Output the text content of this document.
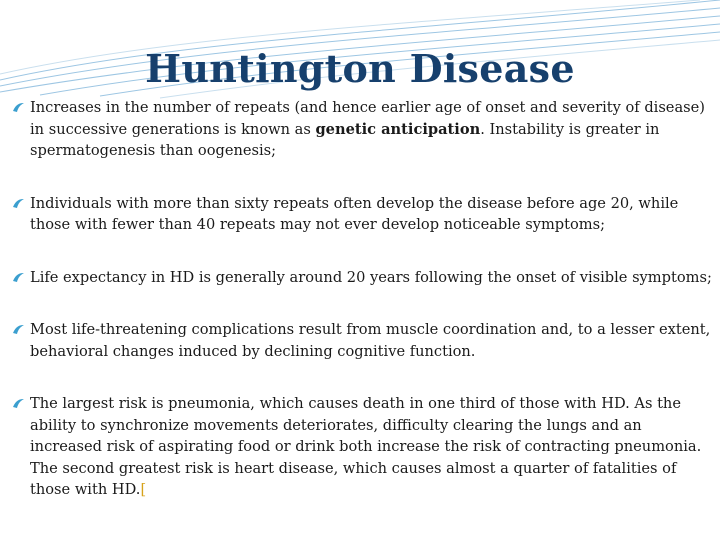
Huntington Disease
Increases in the number of repeats (and hence earlier age of onset and severity of disease) in successive generations is known as genetic anticipation. Instability is greater in spermatogenesis than oogenesis;
Individuals with more than sixty repeats often develop the disease before age 20, while those with fewer than 40 repeats may not ever develop noticeable symptoms;
Life expectancy in HD is generally around 20 years following the onset of visible symptoms;
Most life-threatening complications result from muscle coordination and, to a lesser extent, behavioral changes induced by declining cognitive function.
The largest risk is pneumonia, which causes death in one third of those with HD. As the ability to synchronize movements deteriorates, difficulty clearing the lungs and an increased risk of aspirating food or drink both increase the risk of contracting pneumonia. The second greatest risk is heart disease, which causes almost a quarter of fatalities of those with HD.[
